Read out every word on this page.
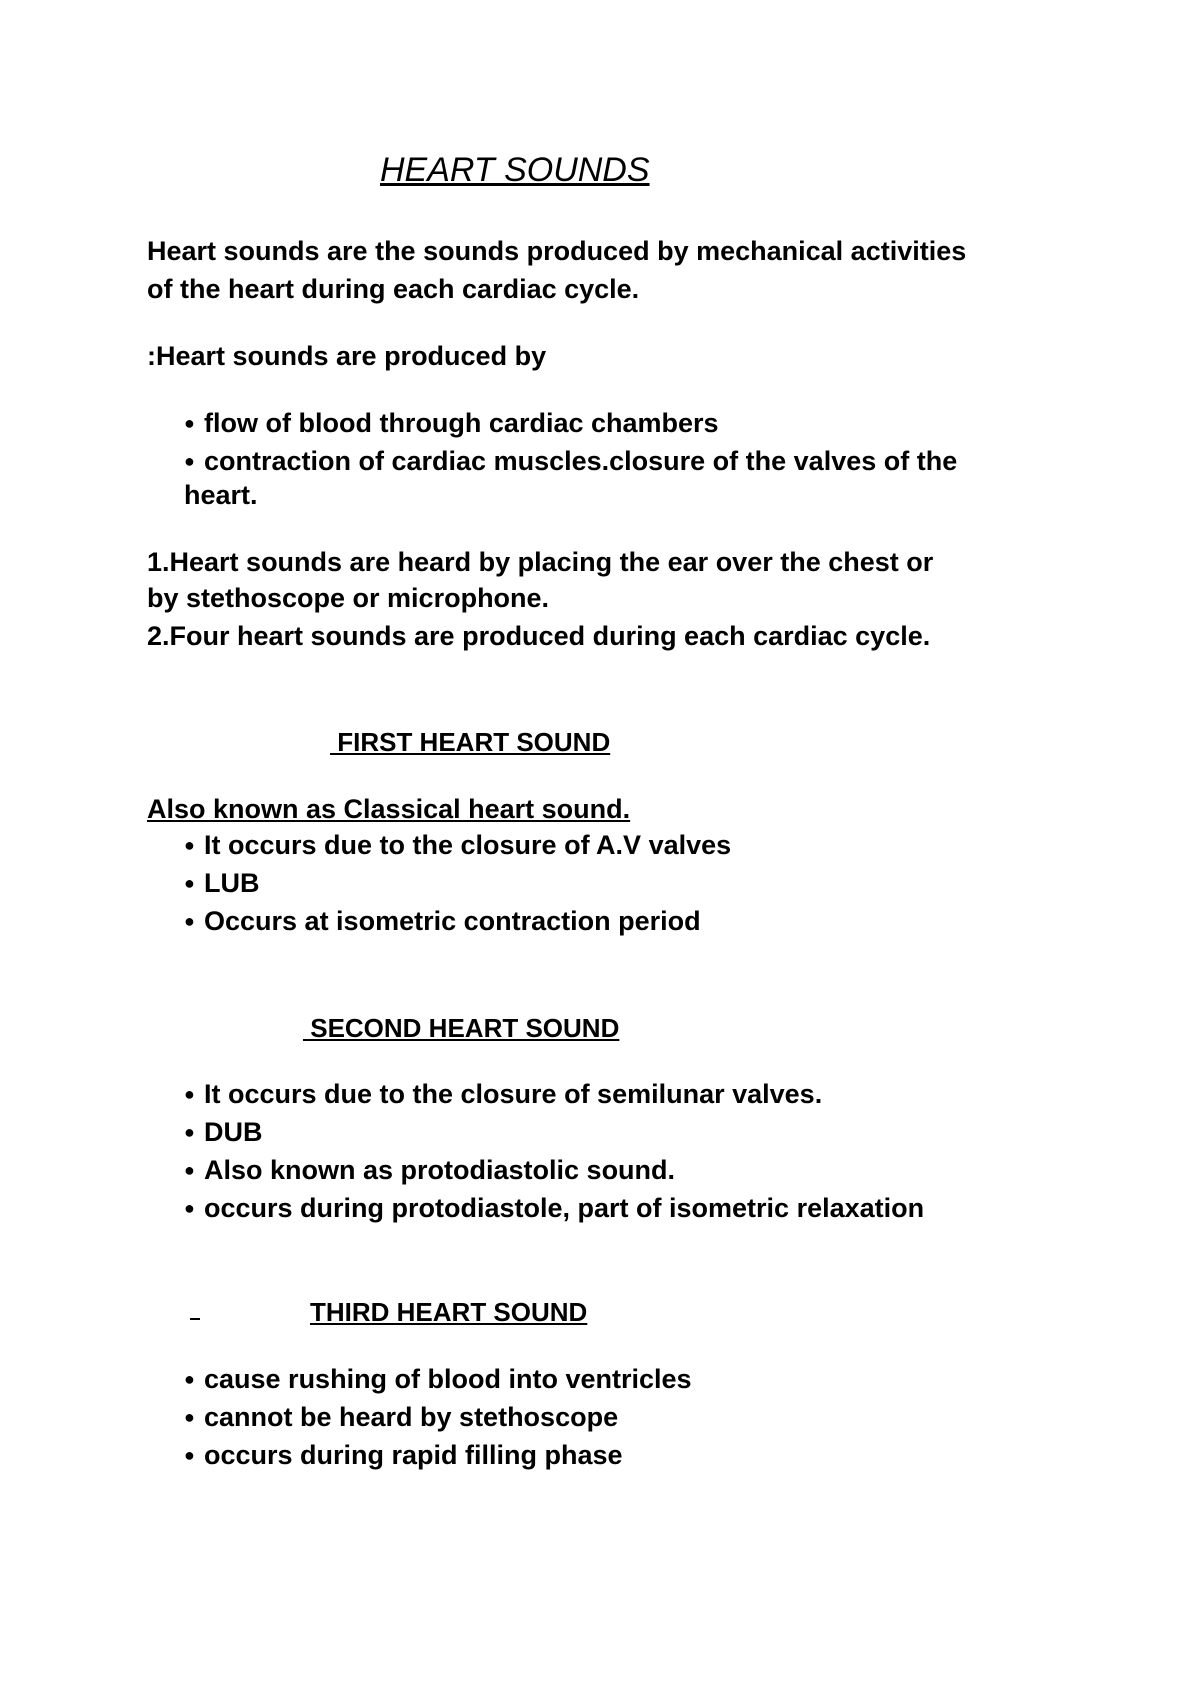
HEART SOUNDS
Heart sounds are the sounds produced by mechanical activities
of the heart during each cardiac cycle.
:Heart sounds are produced by
● flow of blood through cardiac chambers
● contraction of cardiac muscles.closure of the valves of the
heart.
1.Heart sounds are heard by placing the ear over the chest or
by stethoscope or microphone.
2.Four heart sounds are produced during each cardiac cycle.
FIRST HEART SOUND
Also known as Classical heart sound.
● It occurs due to the closure of A.V valves
● LUB
● Occurs at isometric contraction period
SECOND HEART SOUND
● It occurs due to the closure of semilunar valves.
● DUB
● Also known as protodiastolic sound.
● occurs during protodiastole, part of isometric relaxation
THIRD HEART SOUND
● cause rushing of blood into ventricles
● cannot be heard by stethoscope
● occurs during rapid filling phase
